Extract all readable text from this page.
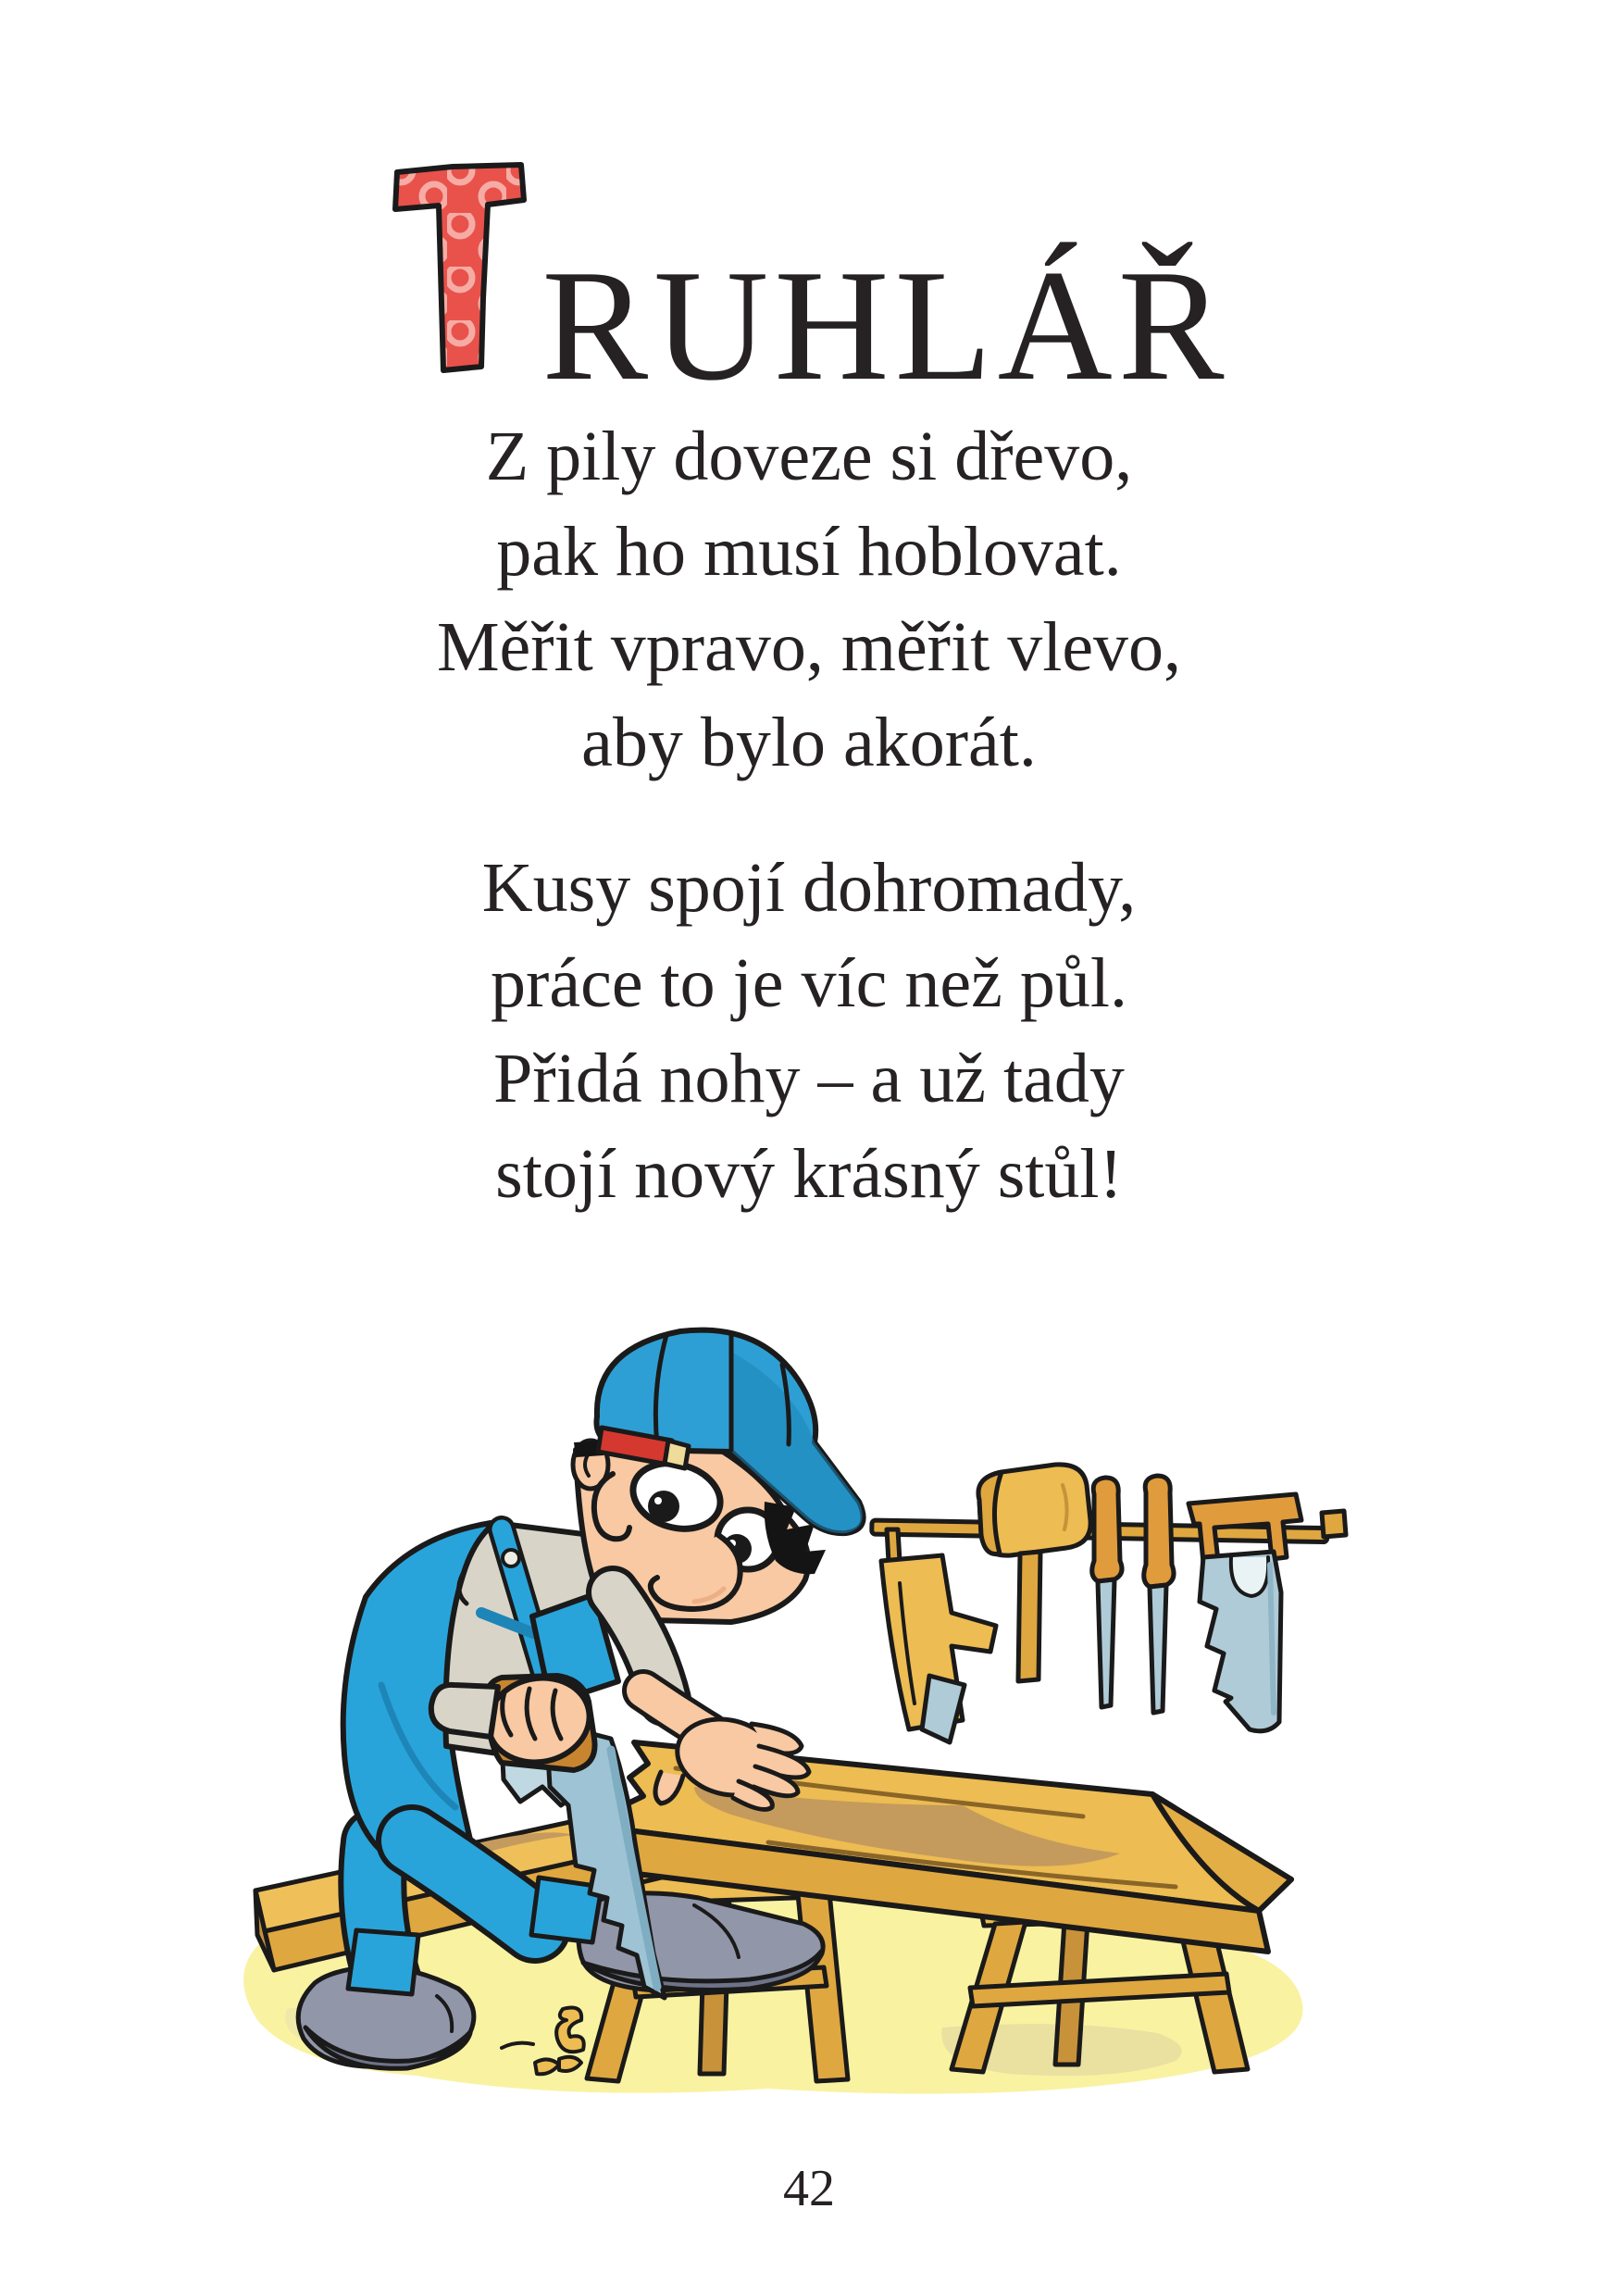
RUHLÁŘ
Z pily doveze si dřevo,
pak ho musí hoblovat.
Měřit vpravo, měřit vlevo,
aby bylo akorát.
Kusy spojí dohromady,
práce to je víc než půl.
Přidá nohy – a už tady
stojí nový krásný stůl!
42
